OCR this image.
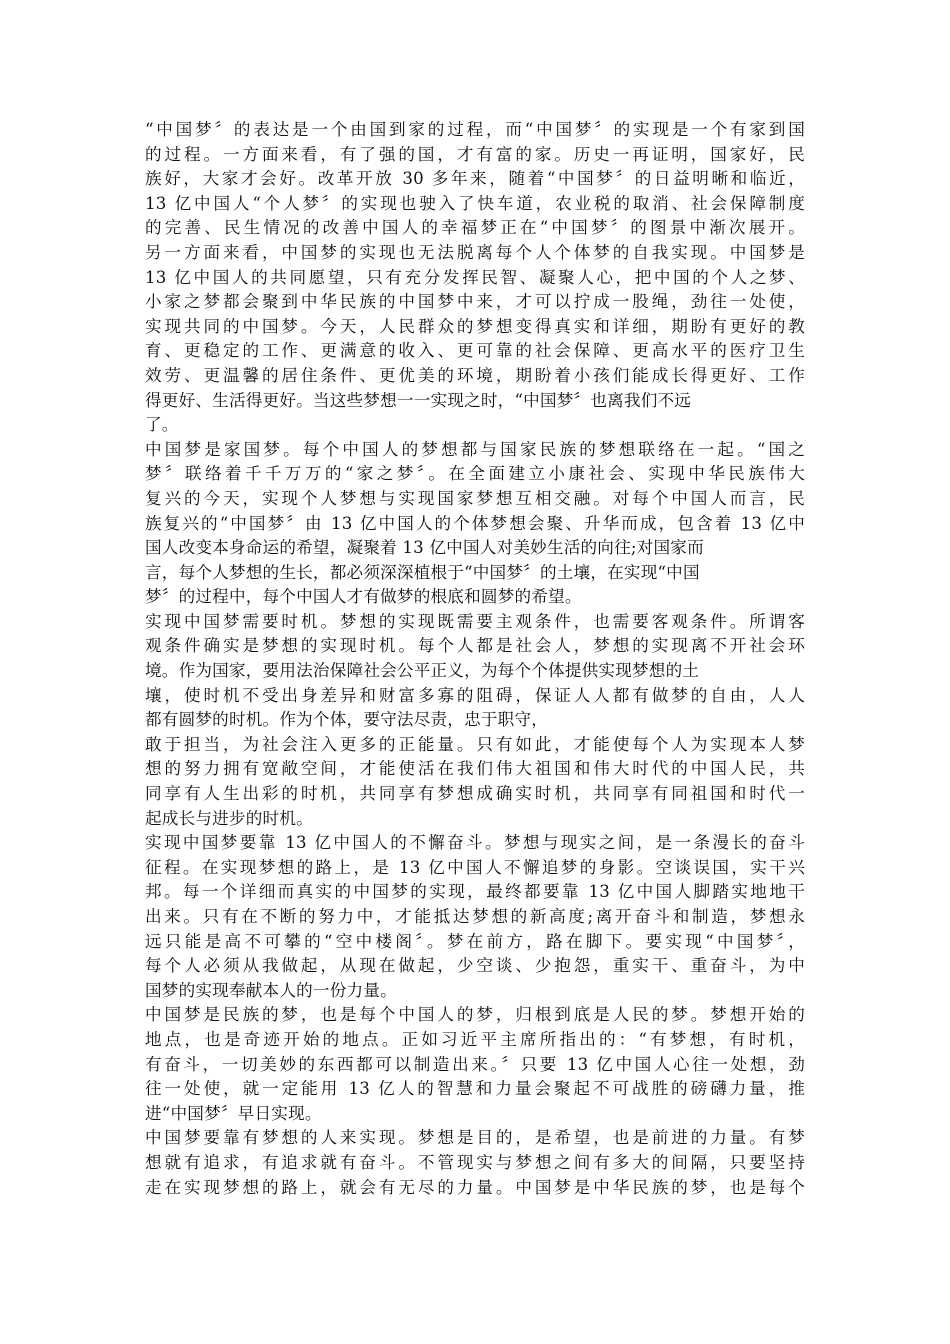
“中国梦〞的表达是一个由国到家的过程，而“中国梦〞的实现是一个有家到国
的过程。一方面来看，有了强的国，才有富的家。历史一再证明，国家好，民
族好，大家才会好。改革开放 30 多年来，随着“中国梦〞的日益明晰和临近，
13 亿中国人“个人梦〞的实现也驶入了快车道，农业税的取消、社会保障制度
的完善、民生情况的改善中国人的幸福梦正在“中国梦〞的图景中渐次展开。
另一方面来看，中国梦的实现也无法脱离每个人个体梦的自我实现。中国梦是
13 亿中国人的共同愿望，只有充分发挥民智、凝聚人心，把中国的个人之梦、
小家之梦都会聚到中华民族的中国梦中来，才可以拧成一股绳，劲往一处使，
实现共同的中国梦。今天，人民群众的梦想变得真实和详细，期盼有更好的教
育、更稳定的工作、更满意的收入、更可靠的社会保障、更高水平的医疗卫生
效劳、更温馨的居住条件、更优美的环境，期盼着小孩们能成长得更好、工作
得更好、生活得更好。当这些梦想一一实现之时，“中国梦〞也离我们不远
了。
中国梦是家国梦。每个中国人的梦想都与国家民族的梦想联络在一起。“国之
梦〞联络着千千万万的“家之梦〞。在全面建立小康社会、实现中华民族伟大
复兴的今天，实现个人梦想与实现国家梦想互相交融。对每个中国人而言，民
族复兴的“中国梦〞由 13 亿中国人的个体梦想会聚、升华而成，包含着 13 亿中
国人改变本身命运的希望，凝聚着 13 亿中国人对美妙生活的向往;对国家而
言，每个人梦想的生长，都必须深深植根于“中国梦〞的土壤，在实现“中国
梦〞的过程中，每个中国人才有做梦的根底和圆梦的希望。
实现中国梦需要时机。梦想的实现既需要主观条件，也需要客观条件。所谓客
观条件确实是梦想的实现时机。每个人都是社会人，梦想的实现离不开社会环
境。作为国家，要用法治保障社会公平正义，为每个个体提供实现梦想的土
壤，使时机不受出身差异和财富多寡的阻碍，保证人人都有做梦的自由，人人
都有圆梦的时机。作为个体，要守法尽责，忠于职守，
敢于担当，为社会注入更多的正能量。只有如此，才能使每个人为实现本人梦
想的努力拥有宽敞空间，才能使活在我们伟大祖国和伟大时代的中国人民，共
同享有人生出彩的时机，共同享有梦想成确实时机，共同享有同祖国和时代一
起成长与进步的时机。
实现中国梦要靠 13 亿中国人的不懈奋斗。梦想与现实之间，是一条漫长的奋斗
征程。在实现梦想的路上，是 13 亿中国人不懈追梦的身影。空谈误国，实干兴
邦。每一个详细而真实的中国梦的实现，最终都要靠 13 亿中国人脚踏实地地干
出来。只有在不断的努力中，才能抵达梦想的新高度;离开奋斗和制造，梦想永
远只能是高不可攀的“空中楼阁〞。梦在前方，路在脚下。要实现“中国梦〞，
每个人必须从我做起，从现在做起，少空谈、少抱怨，重实干、重奋斗，为中
国梦的实现奉献本人的一份力量。
中国梦是民族的梦，也是每个中国人的梦，归根到底是人民的梦。梦想开始的
地点，也是奇迹开始的地点。正如习近平主席所指出的：“有梦想，有时机，
有奋斗，一切美妙的东西都可以制造出来。〞只要 13 亿中国人心往一处想，劲
往一处使，就一定能用 13 亿人的智慧和力量会聚起不可战胜的磅礴力量，推
进“中国梦〞早日实现。
中国梦要靠有梦想的人来实现。梦想是目的，是希望，也是前进的力量。有梦
想就有追求，有追求就有奋斗。不管现实与梦想之间有多大的间隔，只要坚持
走在实现梦想的路上，就会有无尽的力量。中国梦是中华民族的梦，也是每个
